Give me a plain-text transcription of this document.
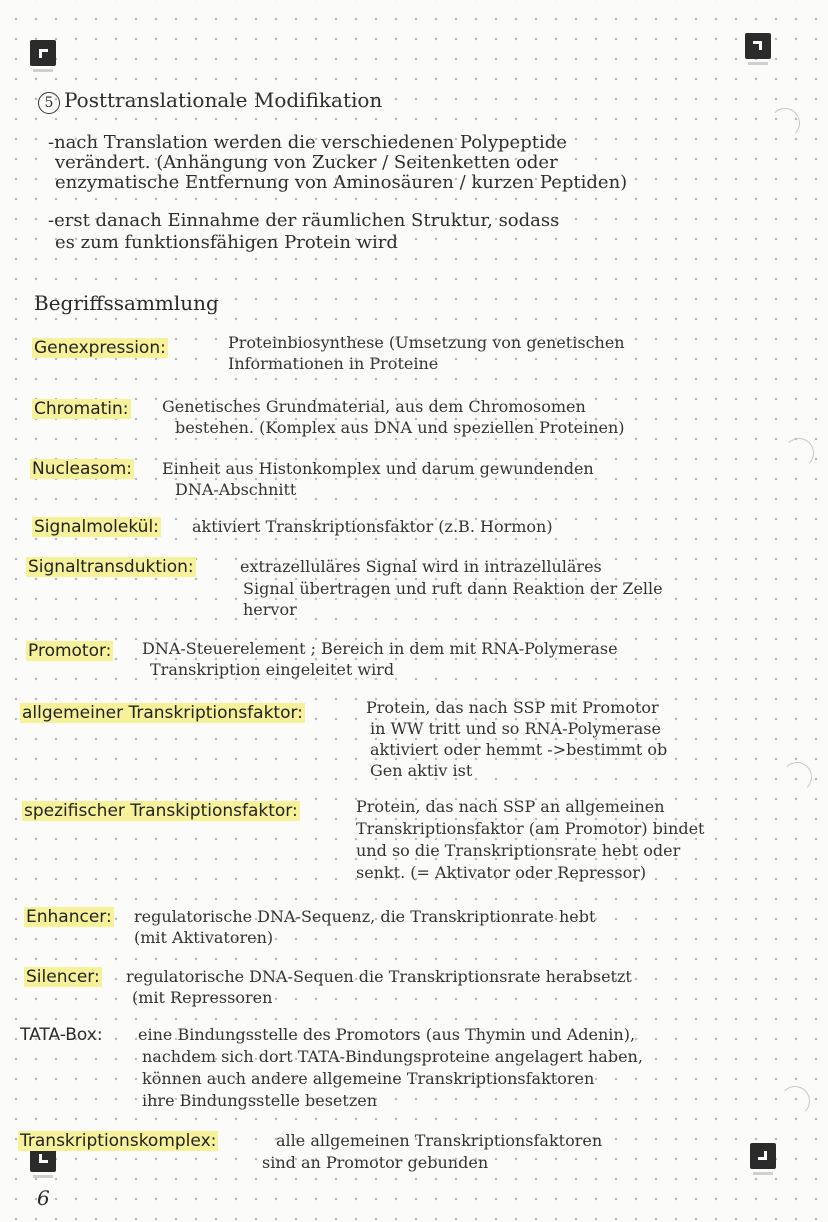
5 Posttranslationale Modifikation
-nach Translation werden die verschiedenen Polypeptide
verändert. (Anhängung von Zucker / Seitenketten oder
enzymatische Entfernung von Aminosäuren / kurzen Peptiden)
-erst danach Einnahme der räumlichen Struktur, sodass
es zum funktionsfähigen Protein wird
Begriffssammlung
Genexpression:	Proteinbiosynthese (Umsetzung von genetischen
Informationen in Proteine
Chromatin: Genetisches Grundmaterial, aus dem Chromosomen
bestehen. (Komplex aus DNA und speziellen Proteinen)
Nucleasom: Einheit aus Histonkomplex und darum gewundenden
DNA-Abschnitt
Signalmolekül: aktiviert Transkriptionsfaktor (z.B. Hormon)
Signaltransduktion:	extrazelluläres Signal wird in intrazelluläres
Signal übertragen und ruft dann Reaktion der Zelle
hervor
Promotor: DNA-Steuerelement ; Bereich in dem mit RNA-Polymerase
Transkription eingeleitet wird
allgemeiner Transkriptionsfaktor:	Protein, das nach SSP mit Promotor
in WW tritt und so RNA-Polymerase
aktiviert oder hemmt ->bestimmt ob
Gen aktiv ist
spezifischer Transkiptionsfaktor:	Protein, das nach SSP an allgemeinen
Transkriptionsfaktor (am Promotor) bindet
und so die Transkriptionsrate hebt oder
senkt. (= Aktivator oder Repressor)
Enhancer: regulatorische DNA-Sequenz, die Transkriptionrate hebt
(mit Aktivatoren)
Silencer: regulatorische DNA-Sequen die Transkriptionsrate herabsetzt
(mit Repressoren
TATA-Box: eine Bindungsstelle des Promotors (aus Thymin und Adenin),
nachdem sich dort TATA-Bindungsproteine angelagert haben,
können auch andere allgemeine Transkriptionsfaktoren
ihre Bindungsstelle besetzen
Transkriptionskomplex:	alle allgemeinen Transkriptionsfaktoren
sind an Promotor gebunden
6
